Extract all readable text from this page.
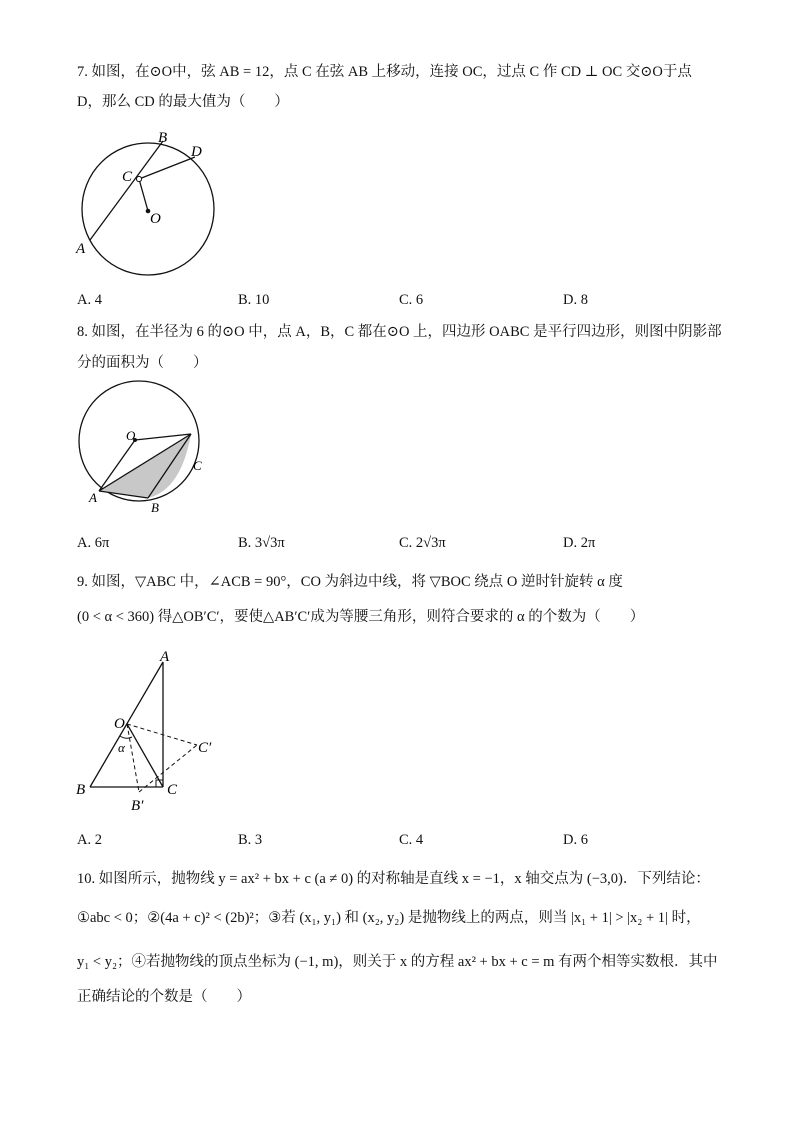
7. 如图，在⊙O中，弦 AB = 12，点 C 在弦 AB 上移动，连接 OC，过点 C 作 CD ⊥ OC 交⊙O于点
D，那么 CD 的最大值为（　　）
B
D
C
O
A
A. 4	B. 10	C. 6	D. 8
8. 如图，在半径为 6 的⊙O 中，点 A，B，C 都在⊙O 上，四边形 OABC 是平行四边形，则图中阴影部
分的面积为（　　）
O
C
A
B
A. 6π	B. 3√3π	C. 2√3π	D. 2π
9. 如图，▽ABC 中，∠ACB = 90°，CO 为斜边中线，将 ▽BOC 绕点 O 逆时针旋转 α 度
(0 < α < 360) 得△OB′C′，要使△AB′C′成为等腰三角形，则符合要求的 α 的个数为（　　）
A
O
α	C′
B	C
B′
A. 2	B. 3	C. 4	D. 6
10. 如图所示，抛物线 y = ax² + bx + c (a ≠ 0) 的对称轴是直线 x = −1，x 轴交点为 (−3,0)．下列结论：
①abc < 0；②(4a + c)² < (2b)²；③若 (x₁, y₁) 和 (x₂, y₂) 是抛物线上的两点，则当 |x₁ + 1| > |x₂ + 1| 时，
y₁ < y₂；④若抛物线的顶点坐标为 (−1, m)，则关于 x 的方程 ax² + bx + c = m 有两个相等实数根．其中
正确结论的个数是（　　）
